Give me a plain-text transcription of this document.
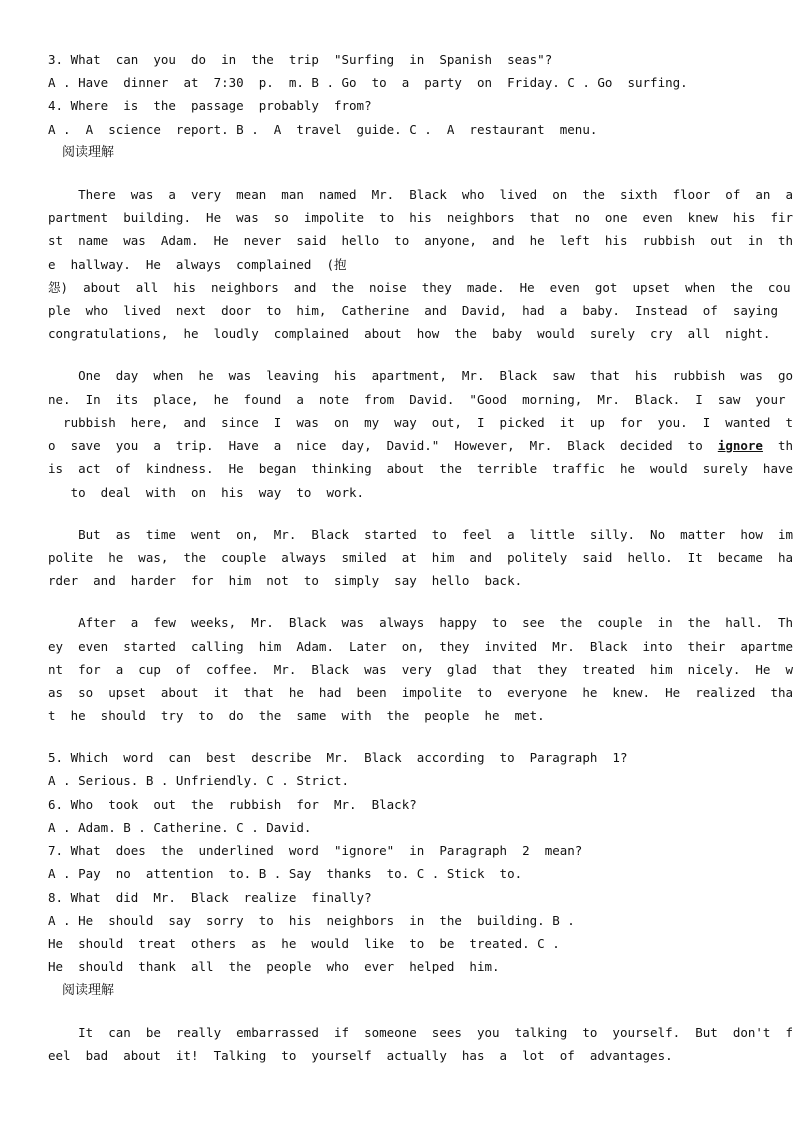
3. What  can  you  do  in  the  trip  "Surfing  in  Spanish  seas"?
A . Have  dinner  at  7:30  p.  m. B . Go  to  a  party  on  Friday. C . Go  surfing.
4. Where  is  the  passage  probably  from?
A .  A  science  report. B .  A  travel  guide. C .  A  restaurant  menu.
阅读理解
There  was  a  very  mean  man  named  Mr.  Black  who  lived  on  the  sixth  floor  of  an  a
partment  building.  He  was  so  impolite  to  his  neighbors  that  no  one  even  knew  his  fir
st  name  was  Adam.  He  never  said  hello  to  anyone,  and  he  left  his  rubbish  out  in  th
e  hallway.  He  always  complained  (抱
怨)  about  all  his  neighbors  and  the  noise  they  made.  He  even  got  upset  when  the  cou
ple  who  lived  next  door  to  him,  Catherine  and  David,  had  a  baby.  Instead  of  saying
congratulations,  he  loudly  complained  about  how  the  baby  would  surely  cry  all  night.
One  day  when  he  was  leaving  his  apartment,  Mr.  Black  saw  that  his  rubbish  was  go
ne.  In  its  place,  he  found  a  note  from  David.  "Good  morning,  Mr.  Black.  I  saw  your
rubbish  here,  and  since  I  was  on  my  way  out,  I  picked  it  up  for  you.  I  wanted  t
o  save  you  a  trip.  Have  a  nice  day,  David."  However,  Mr.  Black  decided  to  ignore  th
is  act  of  kindness.  He  began  thinking  about  the  terrible  traffic  he  would  surely  have
to  deal  with  on  his  way  to  work.
But  as  time  went  on,  Mr.  Black  started  to  feel  a  little  silly.  No  matter  how  im
polite  he  was,  the  couple  always  smiled  at  him  and  politely  said  hello.  It  became  ha
rder  and  harder  for  him  not  to  simply  say  hello  back.
After  a  few  weeks,  Mr.  Black  was  always  happy  to  see  the  couple  in  the  hall.  Th
ey  even  started  calling  him  Adam.  Later  on,  they  invited  Mr.  Black  into  their  apartme
nt  for  a  cup  of  coffee.  Mr.  Black  was  very  glad  that  they  treated  him  nicely.  He  w
as  so  upset  about  it  that  he  had  been  impolite  to  everyone  he  knew.  He  realized  tha
t  he  should  try  to  do  the  same  with  the  people  he  met.
5. Which  word  can  best  describe  Mr.  Black  according  to  Paragraph  1?
A . Serious. B . Unfriendly. C . Strict.
6. Who  took  out  the  rubbish  for  Mr.  Black?
A . Adam. B . Catherine. C . David.
7. What  does  the  underlined  word  "ignore"  in  Paragraph  2  mean?
A . Pay  no  attention  to. B . Say  thanks  to. C . Stick  to.
8. What  did  Mr.  Black  realize  finally?
A . He  should  say  sorry  to  his  neighbors  in  the  building. B .
He  should  treat  others  as  he  would  like  to  be  treated. C .
He  should  thank  all  the  people  who  ever  helped  him.
阅读理解
It  can  be  really  embarrassed  if  someone  sees  you  talking  to  yourself.  But  don't  f
eel  bad  about  it!  Talking  to  yourself  actually  has  a  lot  of  advantages.
